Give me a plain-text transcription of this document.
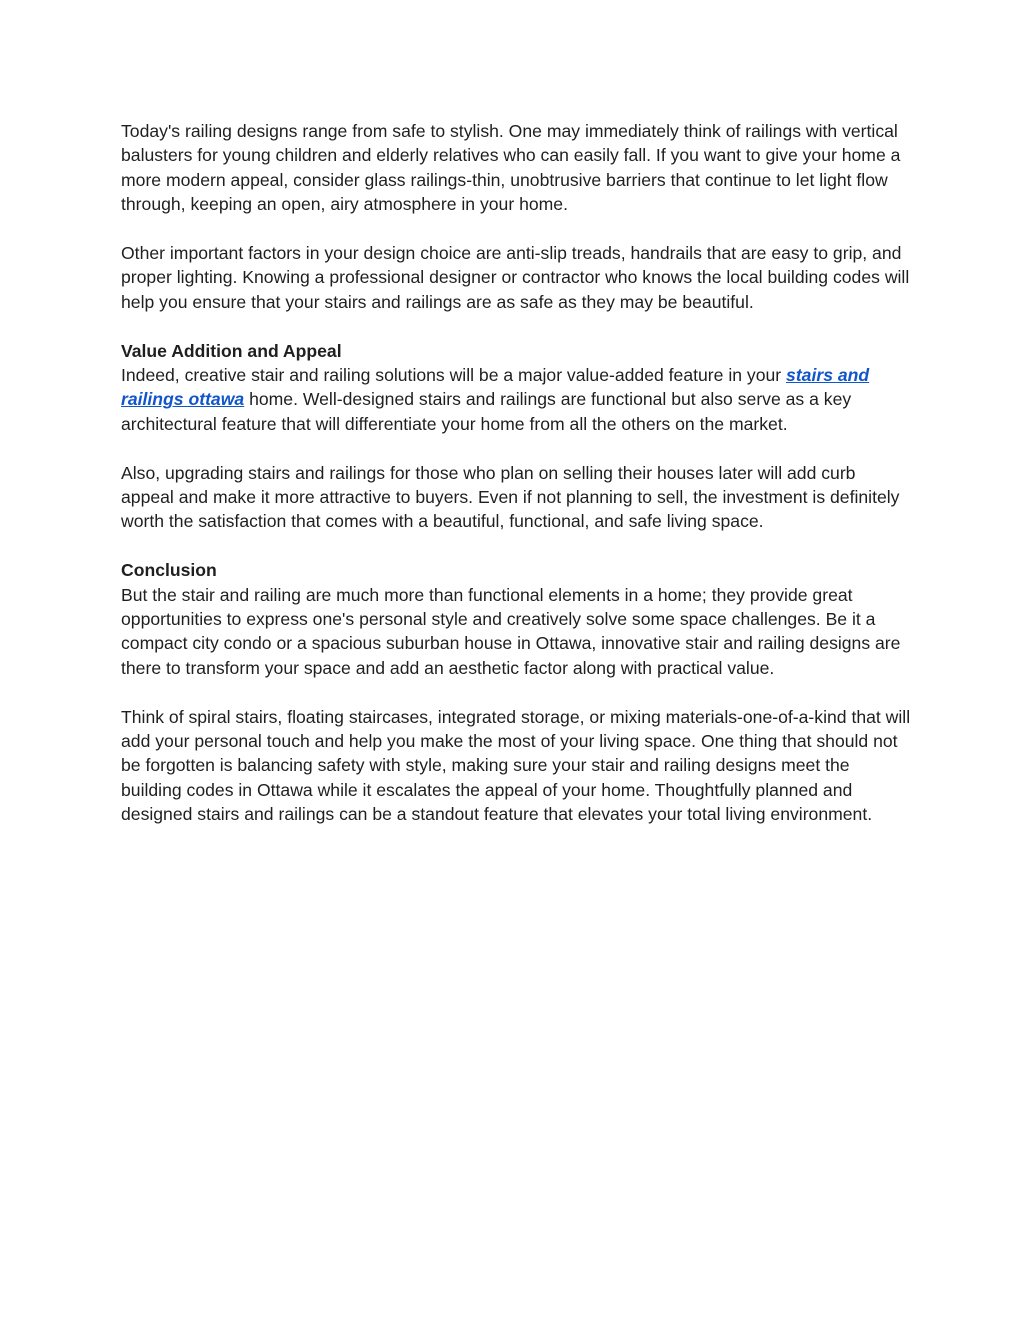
Today's railing designs range from safe to stylish. One may immediately think of railings with vertical balusters for young children and elderly relatives who can easily fall. If you want to give your home a more modern appeal, consider glass railings-thin, unobtrusive barriers that continue to let light flow through, keeping an open, airy atmosphere in your home.

Other important factors in your design choice are anti-slip treads, handrails that are easy to grip, and proper lighting. Knowing a professional designer or contractor who knows the local building codes will help you ensure that your stairs and railings are as safe as they may be beautiful.

Value Addition and Appeal

Indeed, creative stair and railing solutions will be a major value-added feature in your stairs and railings ottawa home. Well-designed stairs and railings are functional but also serve as a key architectural feature that will differentiate your home from all the others on the market.

Also, upgrading stairs and railings for those who plan on selling their houses later will add curb appeal and make it more attractive to buyers. Even if not planning to sell, the investment is definitely worth the satisfaction that comes with a beautiful, functional, and safe living space.

Conclusion

But the stair and railing are much more than functional elements in a home; they provide great opportunities to express one's personal style and creatively solve some space challenges. Be it a compact city condo or a spacious suburban house in Ottawa, innovative stair and railing designs are there to transform your space and add an aesthetic factor along with practical value.

Think of spiral stairs, floating staircases, integrated storage, or mixing materials-one-of-a-kind that will add your personal touch and help you make the most of your living space. One thing that should not be forgotten is balancing safety with style, making sure your stair and railing designs meet the building codes in Ottawa while it escalates the appeal of your home. Thoughtfully planned and designed stairs and railings can be a standout feature that elevates your total living environment.
